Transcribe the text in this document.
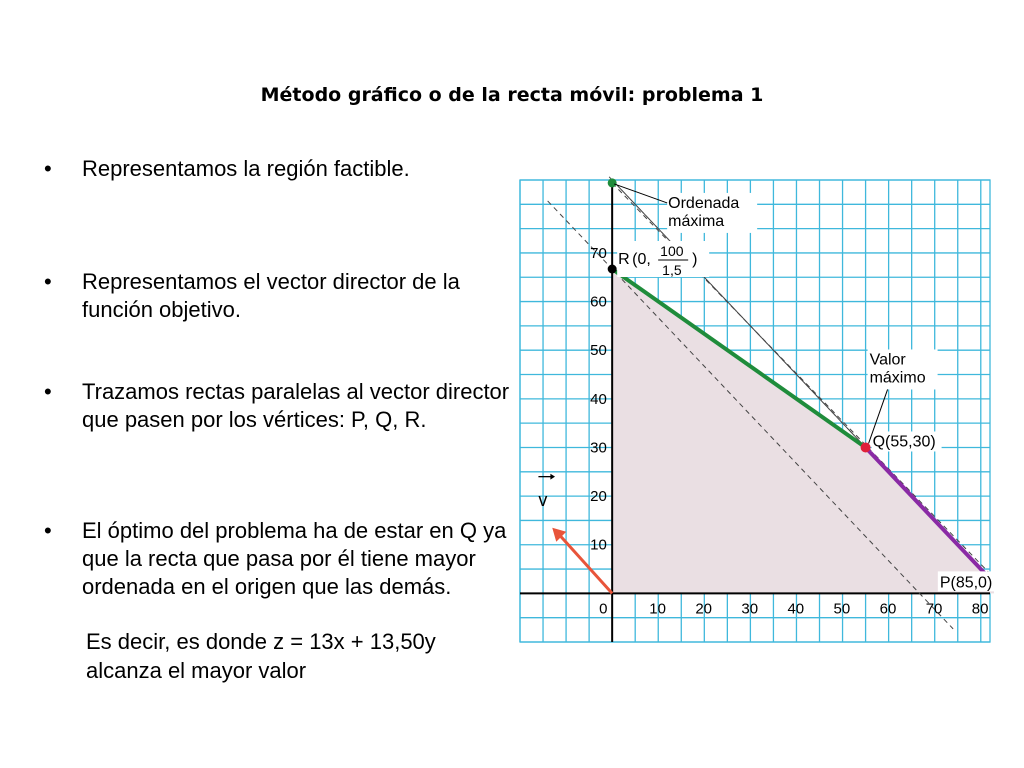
Método gráfico o de la recta móvil: problema 1
• Representamos la región factible.
• Representamos el vector director de la función objetivo.
• Trazamos rectas paralelas al vector director que pasen por los vértices: P, Q, R.
• El óptimo del problema ha de estar en Q ya que la recta que pasa por él tiene mayor ordenada en el origen que las demás.
Es decir, es donde z = 13x + 13,50y
alcanza el mayor valor
v
0	10 20 30 40 50 60 70 80
10
20
30
40
50
60
70 R (0, 100
1,5
)
Q(55,30)
P(85,0)
Ordenada
máxima
Valor
máximo
